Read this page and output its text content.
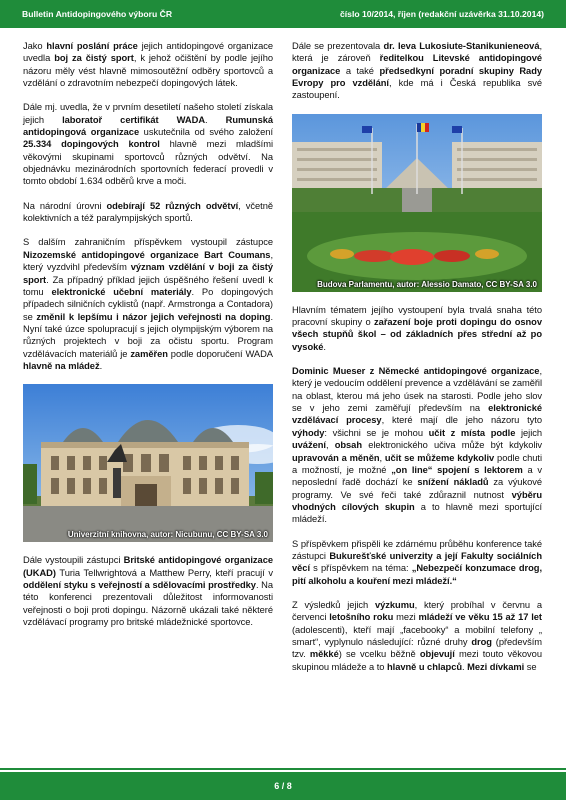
Bulletin Antidopingového výboru ČR	číslo 10/2014, říjen (redakční uzávěrka 31.10.2014)

Jako hlavní poslání práce jejich antidopingové organizace uvedla boj za čistý sport, k jehož očištění by podle jejího názoru měly vést hlavně mimosoutěžní odběry sportovců a vzdělání o zdravotním nebezpečí dopingových látek.

Dále mj. uvedla, že v prvním desetiletí našeho století získala jejich laboratoř certifikát WADA. Rumunská antidopingová organizace uskutečnila od svého založení 25.334 dopingových kontrol hlavně mezi mladšími věkovými skupinami sportovců různých odvětví. Na objednávku mezinárodních sportovních federací provedli v tomto období 1.634 odběrů krve a moči.

Na národní úrovni odebírají 52 různých odvětví, včetně kolektivních a též paralympijských sportů.

S dalším zahraničním příspěvkem vystoupil zástupce Nizozemské antidopingové organizace Bart Coumans, který vyzdvihl především význam vzdělání v boji za čistý sport. Za případný příklad jejich úspěšného řešení uvedl k tomu elektronické učební materiály. Po dopingových případech silničních cyklistů (např. Armstronga a Contadora) se změnil k lepšímu i názor jejich veřejnosti na doping. Nyní také úzce spolupracují s jejich olympijským výborem na různých projektech v boji za očistu sportu. Program vzdělávacích materiálů je zaměřen podle doporučení WADA hlavně na mládež.

Univerzitní knihovna, autor: Nicubunu, CC BY-SA 3.0

Dále vystoupili zástupci Britské antidopingové organizace (UKAD) Turia Tellwrightová a Matthew Perry, kteří pracují v oddělení styku s veřejností a sdělovacími prostředky. Na této konferenci prezentovali důležitost informovanosti veřejnosti o boji proti dopingu. Názorně ukázali také některé vzdělávací programy pro britské mládežnické sportovce.

Dále se prezentovala dr. Ieva Lukosiute-Stanikunieneová, která je zároveň ředitelkou Litevské antidopingové organizace a také předsedkyní poradní skupiny Rady Evropy pro vzdělání, kde má i Česká republika své zastoupení.

Budova Parlamentu, autor: Alessio Damato, CC BY-SA 3.0

Hlavním tématem jejího vystoupení byla trvalá snaha této pracovní skupiny o zařazení boje proti dopingu do osnov všech stupňů škol – od základních přes střední až po vysoké.

Dominic Mueser z Německé antidopingové organizace, který je vedoucím oddělení prevence a vzdělávání se zaměřil na oblast, kterou má jeho úsek na starosti. Podle jeho slov se v jeho zemi zaměřují především na elektronické vzdělávací procesy, které mají dle jeho názoru tyto výhody: všichni se je mohou učit z místa podle jejich uvážení, obsah elektronického učiva může být kdykoliv upravován a měněn, učit se můžeme kdykoliv podle chuti a možností, je možné „on line“ spojení s lektorem a v neposlední řadě dochází ke snížení nákladů za výukové programy. Ve své řeči také zdůraznil nutnost výběru vhodných cílových skupin a to hlavně mezi sportující mládeží.

S příspěvkem přispěli ke zdárnému průběhu konference také zástupci Bukurešťské univerzity a její Fakulty sociálních věcí s příspěvkem na téma: „Nebezpečí konzumace drog, pití alkoholu a kouření mezi mládeží.“

Z výsledků jejich výzkumu, který probíhal v červnu a červenci letošního roku mezi mládeží ve věku 15 až 17 let (adolescenti), kteří mají „facebooky“ a mobilní telefony „ smart“, vyplynulo následující: různé druhy drog (především tzv. měkké) se vcelku běžně objevují mezi touto věkovou skupinou mládeže a to hlavně u chlapců. Mezi dívkami se

6 / 8
